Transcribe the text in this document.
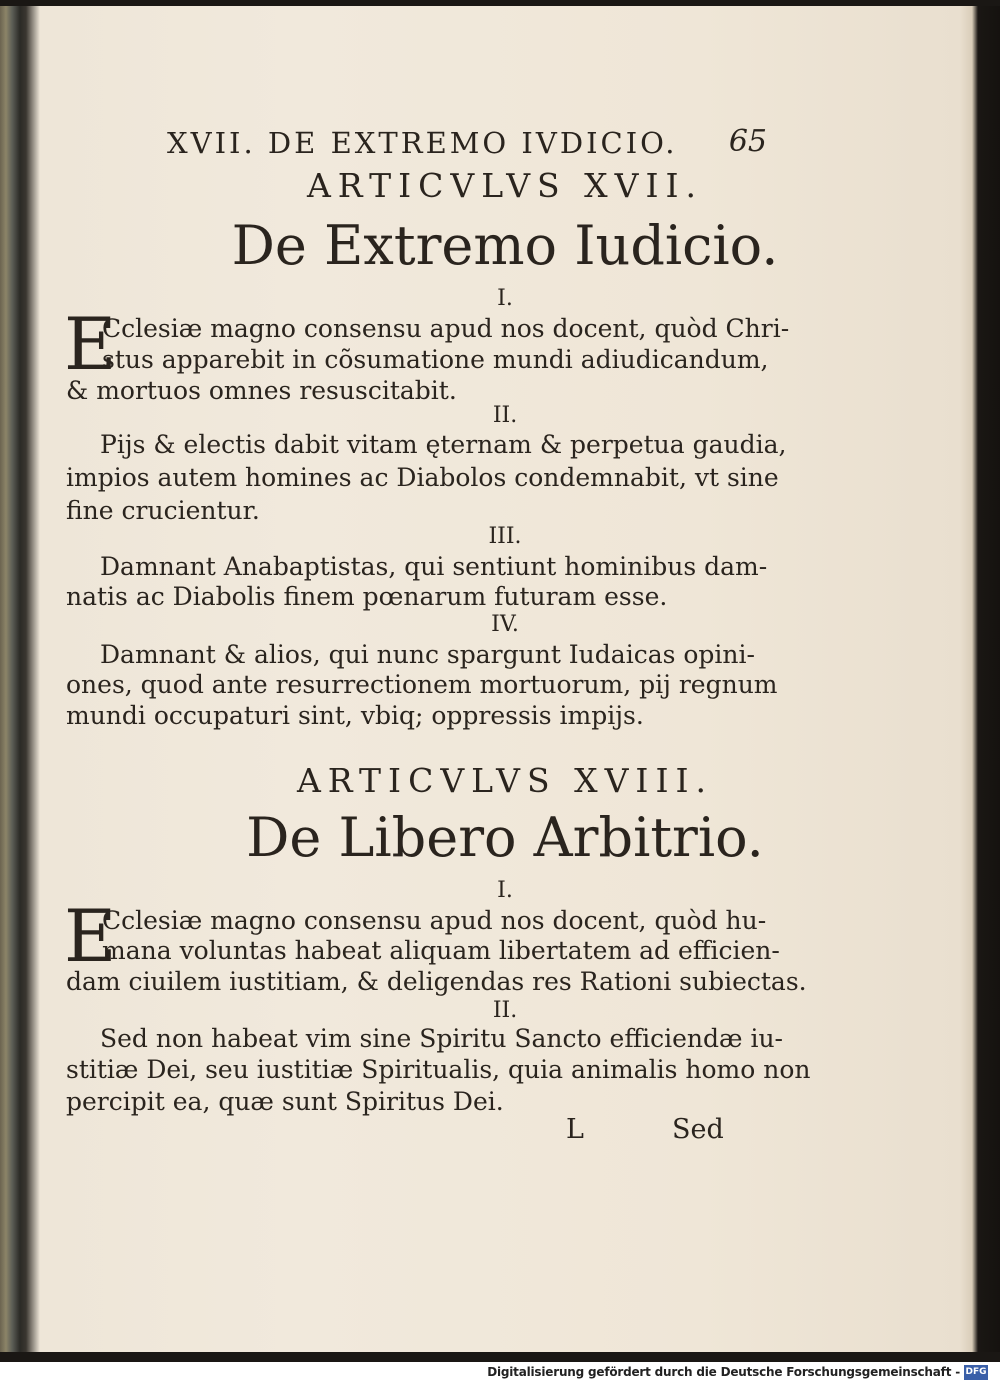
XVII. DE EXTREMO IVDICIO. 65
ARTICVLVS XVII.
De Extremo Iudicio.
I.
E
Cclesiæ magno consensu apud nos docent, quòd Chri-
stus apparebit in cõsumatione mundi adiudicandum,
& mortuos omnes resuscitabit.
II.
Pijs & electis dabit vitam ęternam & perpetua gaudia,
impios autem homines ac Diabolos condemnabit, vt sine
fine crucientur.
III.
Damnant Anabaptistas, qui sentiunt hominibus dam-
natis ac Diabolis finem pœnarum futuram esse.
IV.
Damnant & alios, qui nunc spargunt Iudaicas opini-
ones, quod ante resurrectionem mortuorum, pij regnum
mundi occupaturi sint, vbiq; oppressis impijs.
ARTICVLVS XVIII.
De Libero Arbitrio.
I.
E
Cclesiæ magno consensu apud nos docent, quòd hu-
mana voluntas habeat aliquam libertatem ad efficien-
dam ciuilem iustitiam, & deligendas res Rationi subiectas.
II.
Sed non habeat vim sine Spiritu Sancto efficiendæ iu-
stitiæ Dei, seu iustitiæ Spiritualis, quia animalis homo non
percipit ea, quæ sunt Spiritus Dei.
L	Sed
Digitalisierung gefördert durch die Deutsche Forschungsgemeinschaft - DFG
